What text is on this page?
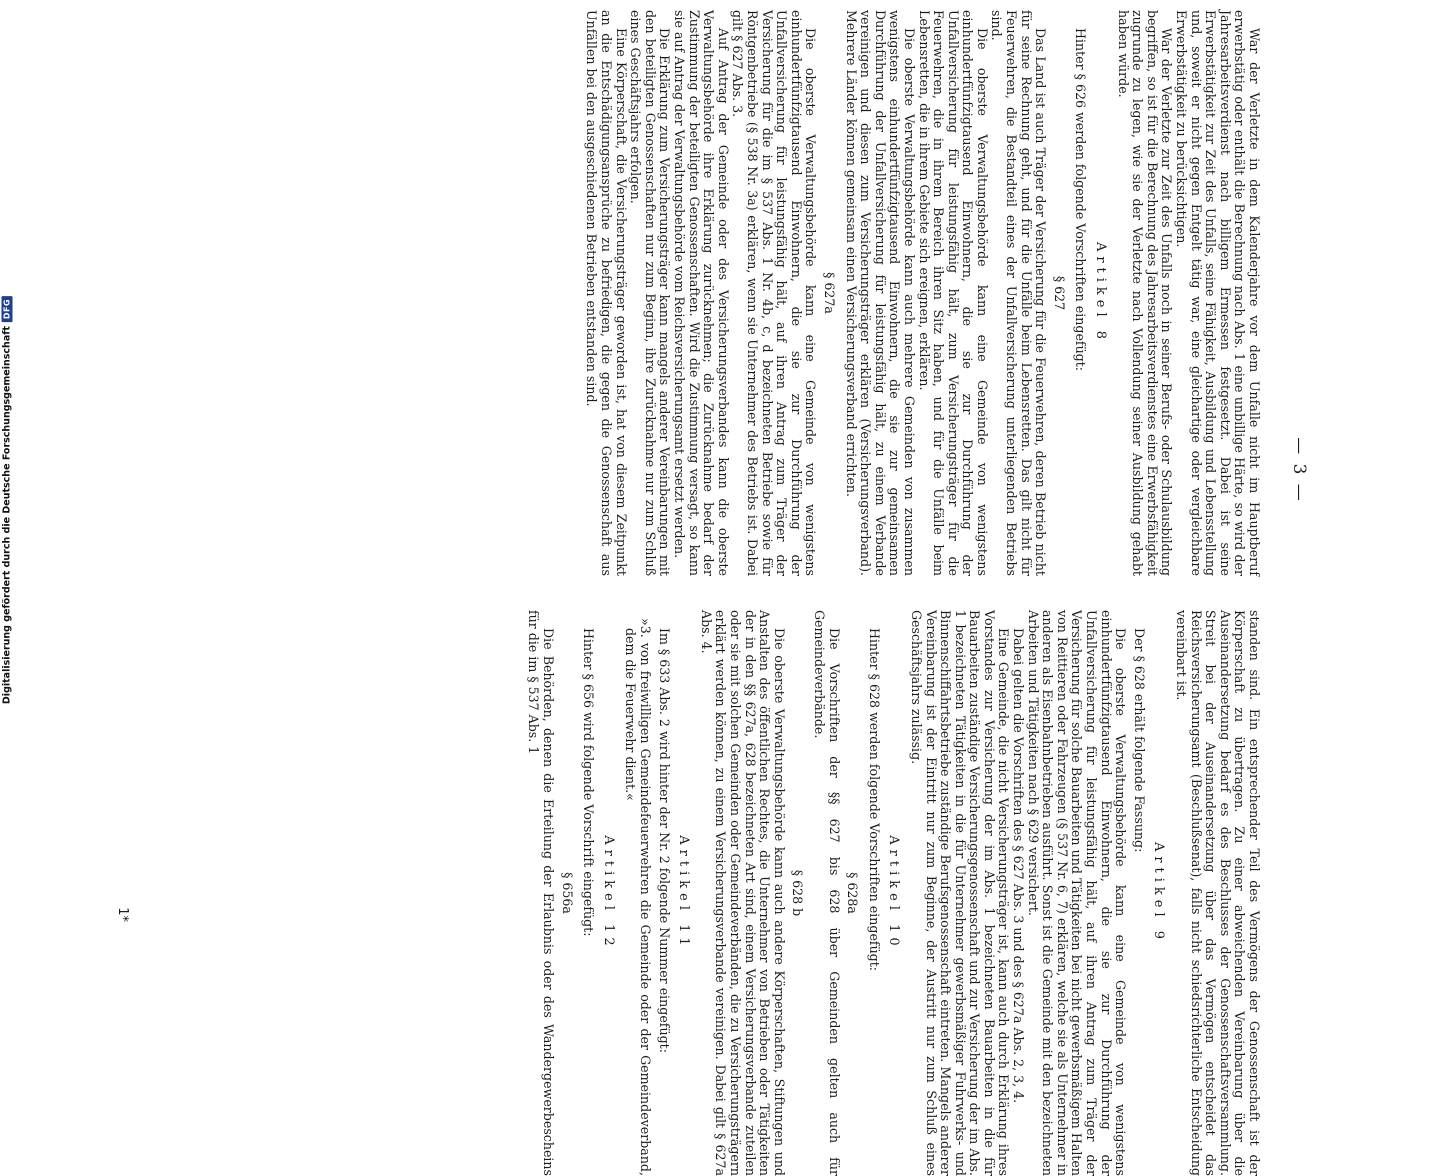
— 3 —

War der Verletzte in dem Kalenderjahre vor dem Unfalle nicht im Hauptberuf erwerbstätig oder enthält die Berechnung nach Abs. 1 eine unbillige Härte, so wird der Jahresarbeitsverdienst nach billigem Ermessen festgesetzt. Dabei ist seine Erwerbstätigkeit zur Zeit des Unfalls, seine Fähigkeit, Ausbildung und Lebensstellung und, soweit er nicht gegen Entgelt tätig war, eine gleichartige oder vergleichbare Erwerbstätigkeit zu berücksichtigen.

War der Verletzte zur Zeit des Unfalls noch in seiner Berufs- oder Schulausbildung begriffen, so ist für die Berechnung des Jahresarbeitsverdienstes eine Erwerbsfähigkeit zugrunde zu legen, wie sie der Verletzte nach Vollendung seiner Ausbildung gehabt haben würde.

Artikel 8

Hinter § 626 werden folgende Vorschriften eingefügt:

§ 627

Das Land ist auch Träger der Versicherung für die Feuerwehren, deren Betrieb nicht für seine Rechnung geht, und für die Unfälle beim Lebensretten. Das gilt nicht für Feuerwehren, die Bestandteil eines der Unfallversicherung unterliegenden Betriebs sind.

Die oberste Verwaltungsbehörde kann eine Gemeinde von wenigstens einhundertfünfzigtausend Einwohnern, die sie zur Durchführung der Unfallversicherung für leistungsfähig hält, zum Versicherungsträger für die Feuerwehren, die in ihrem Bereich ihren Sitz haben, und für die Unfälle beim Lebensretten, die in ihrem Gebiete sich ereignen, erklären.

Die oberste Verwaltungsbehörde kann auch mehrere Gemeinden von zusammen wenigstens einhundertfünfzigtausend Einwohnern, die sie zur gemeinsamen Durchführung der Unfallversicherung für leistungsfähig hält, zu einem Verbande vereinigen und diesen zum Versicherungsträger erklären (Versicherungsverband). Mehrere Länder können gemeinsam einen Versicherungsverband errichten.

§ 627a

Die oberste Verwaltungsbehörde kann eine Gemeinde von wenigstens einhundertfünfzigtausend Einwohnern, die sie zur Durchführung der Unfallversicherung für leistungsfähig hält, auf ihren Antrag zum Träger der Versicherung für die im § 537 Abs. 1 Nr. 4b, c, d bezeichneten Betriebe sowie für Röntgenbetriebe (§ 538 Nr. 3a) erklären, wenn sie Unternehmer des Betriebs ist. Dabei gilt § 627 Abs. 3.

Auf Antrag der Gemeinde oder des Versicherungsverbandes kann die oberste Verwaltungsbehörde ihre Erklärung zurücknehmen; die Zurücknahme bedarf der Zustimmung der beteiligten Genossenschaften. Wird die Zustimmung versagt, so kann sie auf Antrag der Verwaltungsbehörde vom Reichsversicherungsamt ersetzt werden.

Die Erklärung zum Versicherungsträger kann mangels anderer Vereinbarungen mit den beteiligten Genossenschaften nur zum Beginn, ihre Zurücknahme nur zum Schluß eines Geschäftsjahrs erfolgen.

Eine Körperschaft, die Versicherungsträger geworden ist, hat von diesem Zeitpunkt an die Entschädigungsansprüche zu befriedigen, die gegen die Genossenschaft aus Unfällen bei den ausgeschiedenen Betrieben entstanden sind.

standen sind. Ein entsprechender Teil des Vermögens der Genossenschaft ist der Körperschaft zu übertragen. Zu einer abweichenden Vereinbarung über die Auseinandersetzung bedarf es des Beschlusses der Genossenschaftsversammlung. Streit bei der Auseinandersetzung über das Vermögen entscheidet das Reichsversicherungsamt (Beschlußsenat), falls nicht schiedsrichterliche Entscheidung vereinbart ist.

Artikel 9

Der § 628 erhält folgende Fassung:

Die oberste Verwaltungsbehörde kann eine Gemeinde von wenigstens einhundertfünfzigtausend Einwohnern, die sie zur Durchführung der Unfallversicherung für leistungsfähig hält, auf ihren Antrag zum Träger der Versicherung für solche Bauarbeiten und Tätigkeiten bei nicht gewerbsmäßigem Halten von Reittieren oder Fahrzeugen (§ 537 Nr. 6, 7) erklären, welche sie als Unternehmer in anderen als Eisenbahnbetrieben ausführt. Sonst ist die Gemeinde mit den bezeichneten Arbeiten und Tätigkeiten nach § 629 versichert.

Dabei gelten die Vorschriften des § 627 Abs. 3 und des § 627a Abs. 2, 3, 4.

Eine Gemeinde, die nicht Versicherungsträger ist, kann auch durch Erklärung ihres Vorstandes zur Versicherung der im Abs. 1 bezeichneten Bauarbeiten in die für Bauarbeiten zuständige Versicherungsgenossenschaft und zur Versicherung der im Abs. 1 bezeichneten Tätigkeiten in die für Unternehmer gewerbsmäßiger Fuhrwerks- und Binnenschiffahrtsbetriebe zuständige Berufsgenossenschaft eintreten. Mangels anderer Vereinbarung ist der Eintritt nur zum Beginne, der Austritt nur zum Schluß eines Geschäftsjahrs zulässig.

Artikel 10

Hinter § 628 werden folgende Vorschriften eingefügt:

§ 628a

Die Vorschriften der §§ 627 bis 628 über Gemeinden gelten auch für Gemeindeverbände.

§ 628 b

Die oberste Verwaltungsbehörde kann auch andere Körperschaften, Stiftungen und Anstalten des öffentlichen Rechtes, die Unternehmer von Betrieben oder Tätigkeiten der in den §§ 627a, 628 bezeichneten Art sind, einem Versicherungsverbande zuteilen oder sie mit solchen Gemeinden oder Gemeindeverbänden, die zu Versicherungsträgern erklärt werden können, zu einem Versicherungsverbande vereinigen. Dabei gilt § 627a Abs. 4.

Artikel 11

Im § 633 Abs. 2 wird hinter der Nr. 2 folgende Nummer eingefügt:

»3. von freiwilligen Gemeindefeuerwehren die Gemeinde oder der Gemeindeverband, dem die Feuerwehr dient.«

Artikel 12

Hinter § 656 wird folgende Vorschrift eingefügt:

§ 656a

Die Behörden, denen die Erteilung der Erlaubnis oder des Wandergewerbescheins für die im § 537 Abs. 1

1*
Digitalisierung gefördert durch die Deutsche Forschungsgemeinschaft
DFG
